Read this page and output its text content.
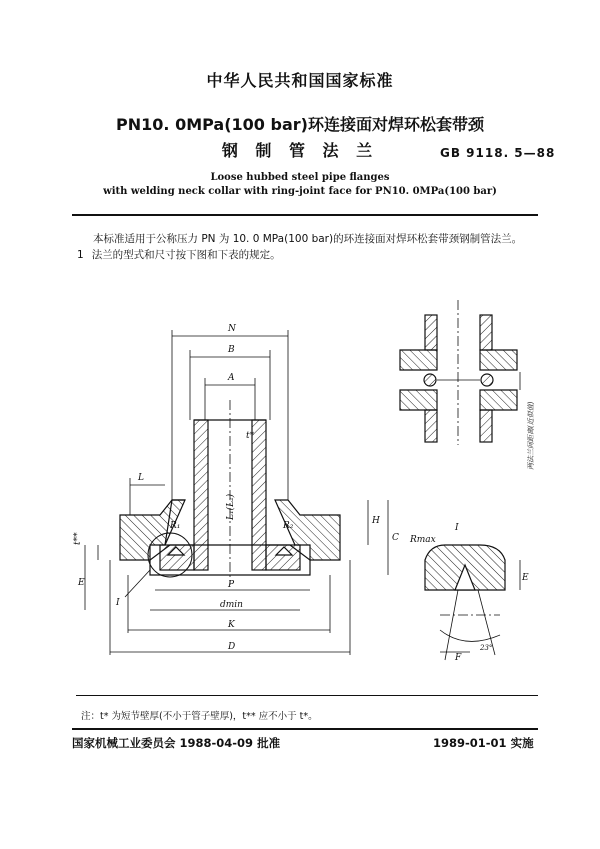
中华人民共和国国家标准
PN10. 0MPa(100 bar)环连接面对焊环松套带颈
钢 制 管 法 兰	GB 9118. 5—88
Loose hubbed steel pipe flanges
with welding neck collar with ring-joint face for PN10. 0MPa(100 bar)
本标准适用于公称压力 PN 为 10. 0 MPa(100 bar)的环连接面对焊环松套带颈钢制管法兰。
1 法兰的型式和尺寸按下图和下表的规定。
N
B
A
t*
L
L₁(L₂)
R₁	R₂
t**
H
C
E
I
P
dmin
K
D
Rmax
I
E
F
23°
两法兰间距离(近似值)
注：t* 为短节壁厚(不小于管子壁厚)，t** 应不小于 t*。
国家机械工业委员会 1988-04-09 批准	1989-01-01 实施
